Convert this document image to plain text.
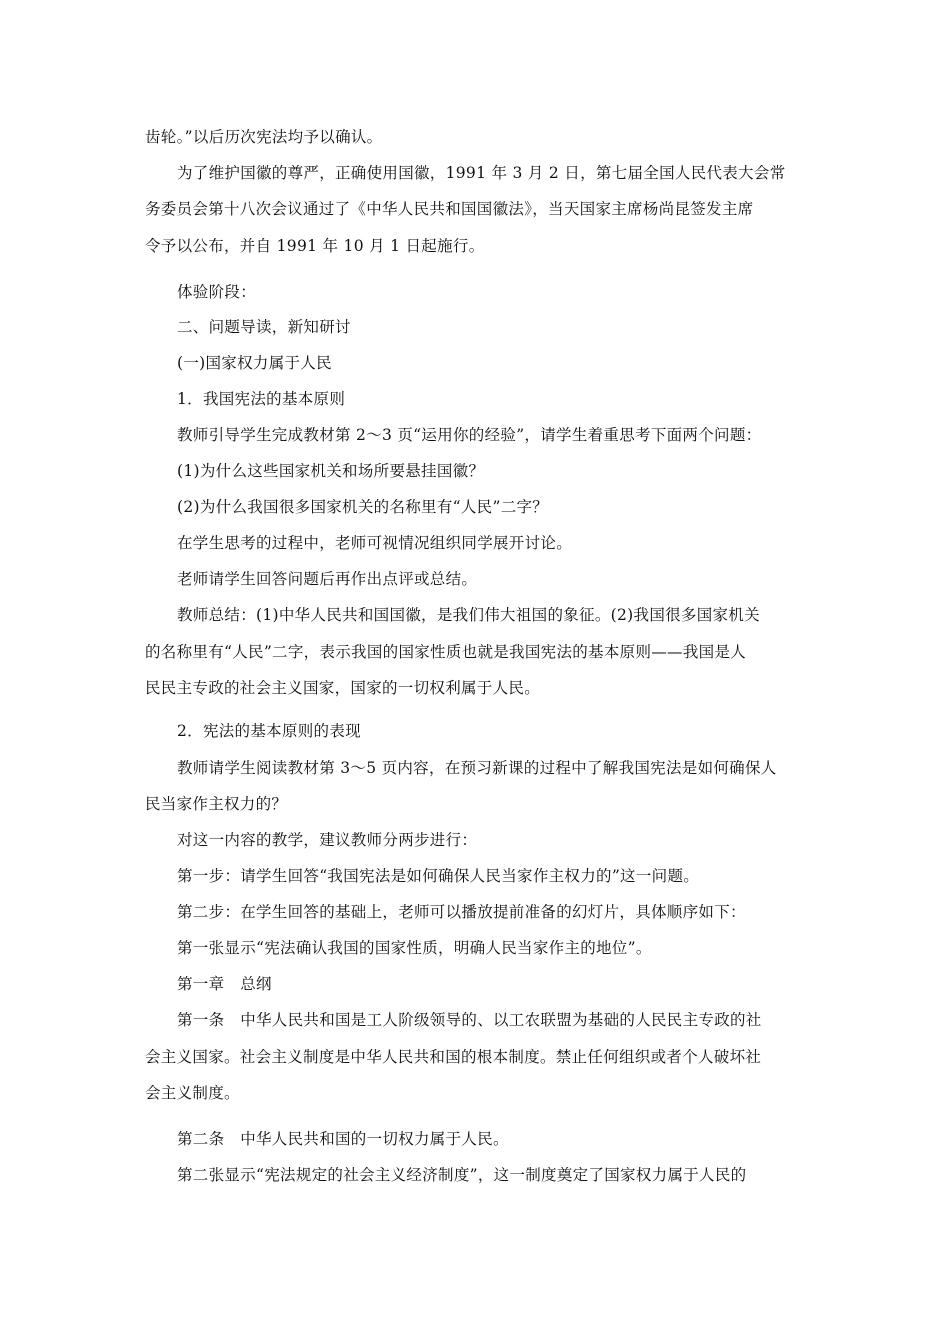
齿轮。”以后历次宪法均予以确认。
为了维护国徽的尊严，正确使用国徽，1991 年 3 月 2 日，第七届全国人民代表大会常
务委员会第十八次会议通过了《中华人民共和国国徽法》，当天国家主席杨尚昆签发主席
令予以公布，并自 1991 年 10 月 1 日起施行。
体验阶段：
二、问题导读，新知研讨
(一)国家权力属于人民
1．我国宪法的基本原则
教师引导学生完成教材第 2～3 页“运用你的经验”，请学生着重思考下面两个问题：
(1)为什么这些国家机关和场所要悬挂国徽？
(2)为什么我国很多国家机关的名称里有“人民”二字？
在学生思考的过程中，老师可视情况组织同学展开讨论。
老师请学生回答问题后再作出点评或总结。
教师总结：(1)中华人民共和国国徽，是我们伟大祖国的象征。(2)我国很多国家机关
的名称里有“人民”二字，表示我国的国家性质也就是我国宪法的基本原则——我国是人
民民主专政的社会主义国家，国家的一切权利属于人民。
2．宪法的基本原则的表现
教师请学生阅读教材第 3～5 页内容，在预习新课的过程中了解我国宪法是如何确保人
民当家作主权力的？
对这一内容的教学，建议教师分两步进行：
第一步：请学生回答“我国宪法是如何确保人民当家作主权力的”这一问题。
第二步：在学生回答的基础上，老师可以播放提前准备的幻灯片，具体顺序如下：
第一张显示“宪法确认我国的国家性质，明确人民当家作主的地位”。
第一章　总纲
第一条　中华人民共和国是工人阶级领导的、以工农联盟为基础的人民民主专政的社
会主义国家。社会主义制度是中华人民共和国的根本制度。禁止任何组织或者个人破坏社
会主义制度。
第二条　中华人民共和国的一切权力属于人民。
第二张显示“宪法规定的社会主义经济制度”，这一制度奠定了国家权力属于人民的
